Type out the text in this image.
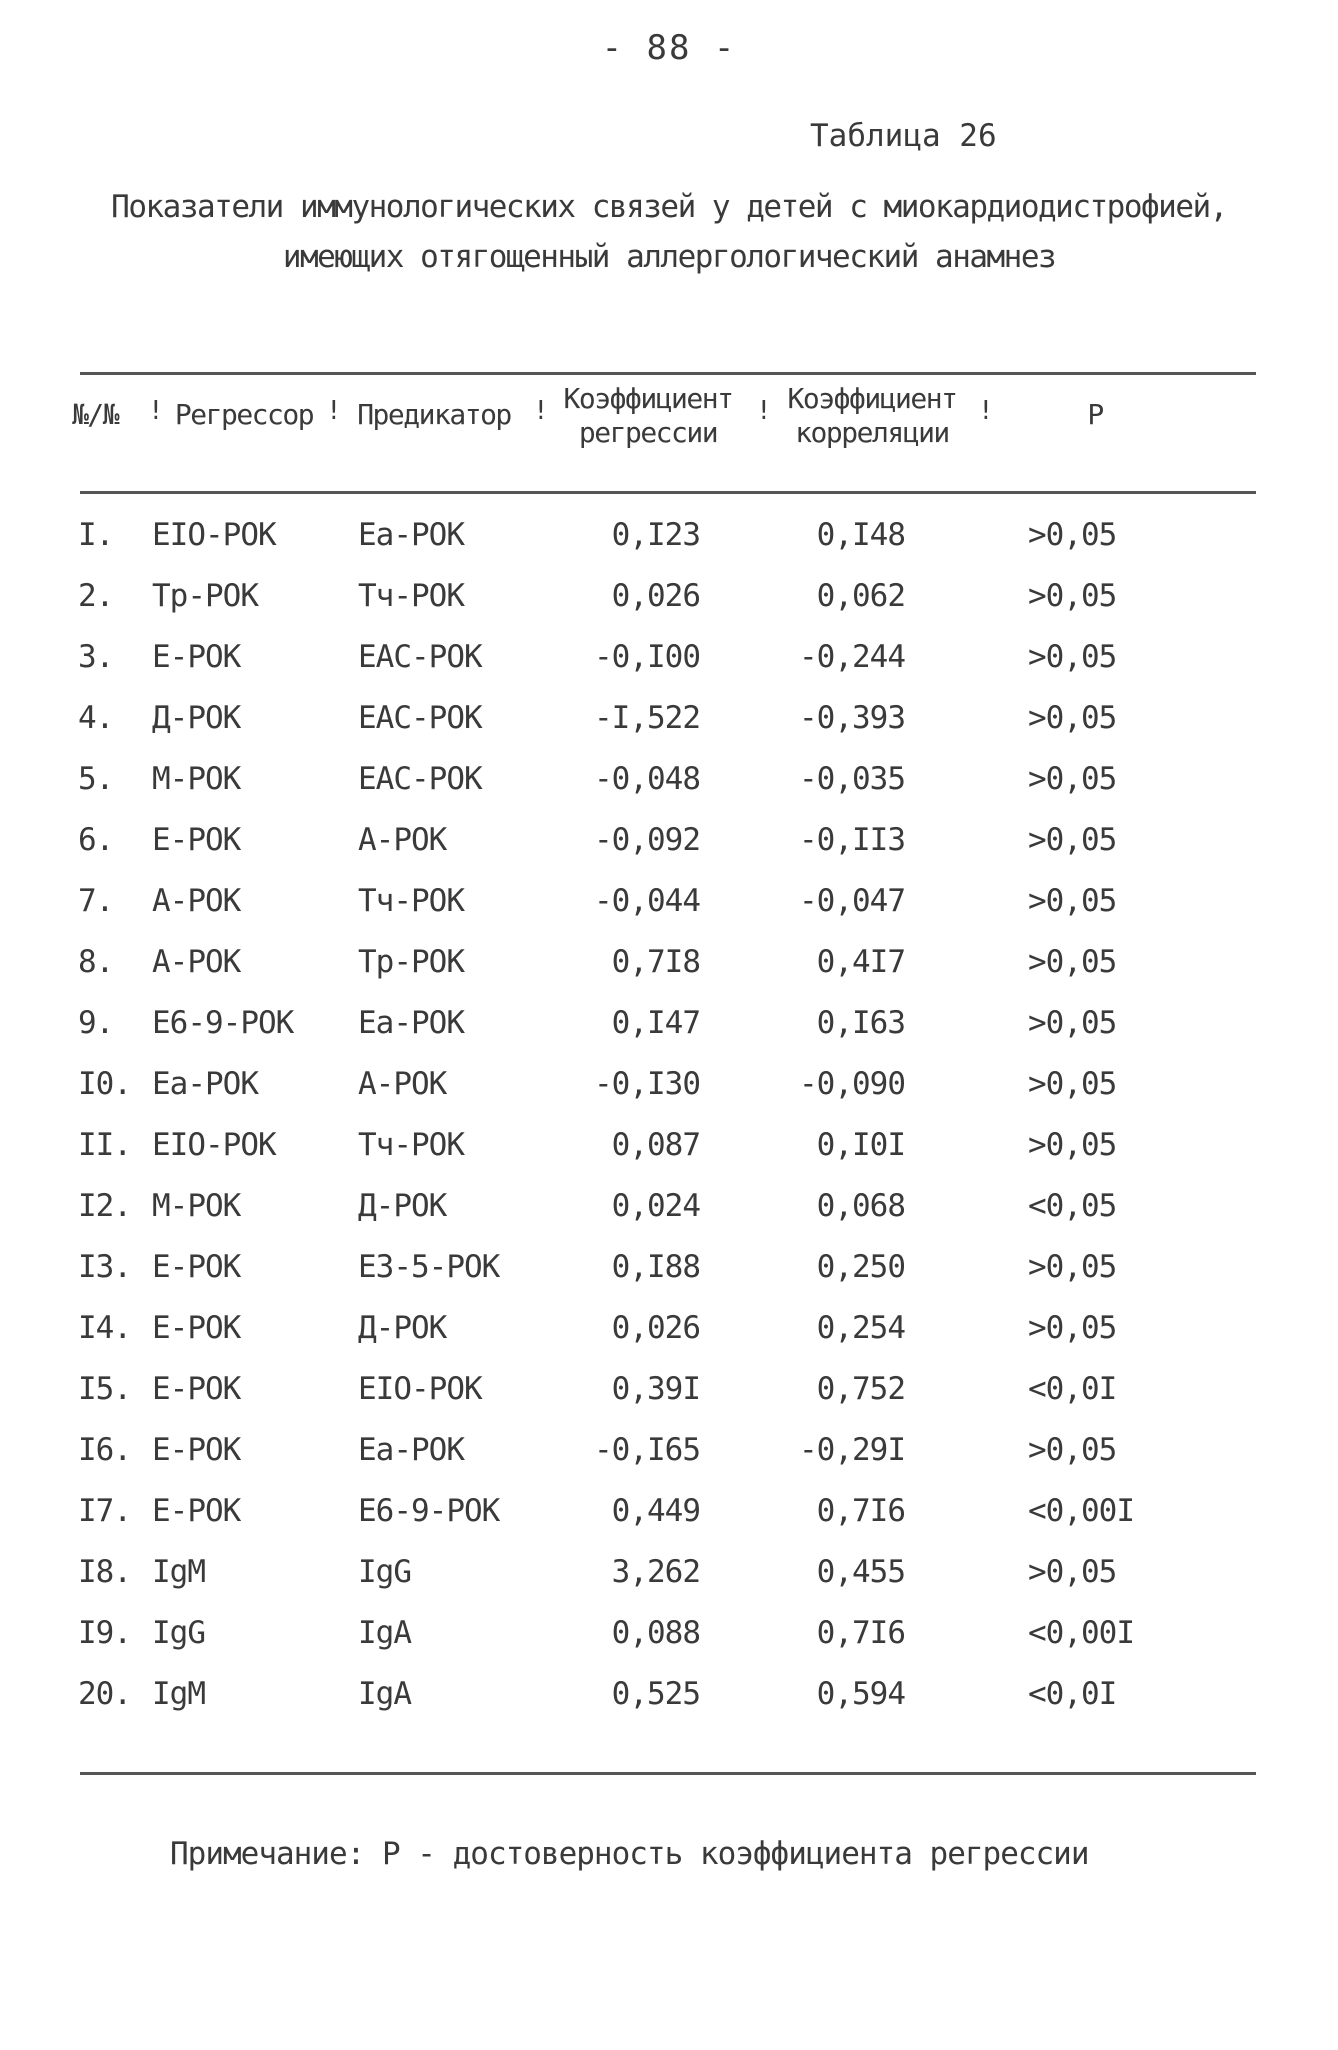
- 88 -
Таблица 26
Показатели иммунологических связей у детей с миокардиодистрофией, имеющих отягощенный аллергологический анамнез
№/№	! Регрессор ! Предикатор ! Коэффициент
регрессии
! Коэффициент
корреляции
!	Р
I. EIO-РОК	Ea-РОК	0,I23	0,I48	>0,05
2. Tp-РОК	Tч-РОК	0,026	0,062	>0,05
3. E-РОК	EAC-РОК	-0,I00	-0,244	>0,05
4. Д-РОК	EAC-РОК	-I,522	-0,393	>0,05
5. M-РОК	EAC-РОК	-0,048	-0,035	>0,05
6. E-РОК	A-РОК	-0,092	-0,II3	>0,05
7. A-РОК	Tч-РОК	-0,044	-0,047	>0,05
8. A-РОК	Tp-РОК	0,7I8	0,4I7	>0,05
9. E6-9-РОК Ea-РОК	0,I47	0,I63	>0,05
I0. Ea-РОК	A-РОК	-0,I30	-0,090	>0,05
II. EIO-РОК	Tч-РОК	0,087	0,I0I	>0,05
I2. M-РОК	Д-РОК	0,024	0,068	<0,05
I3. E-РОК	E3-5-РОК	0,I88	0,250	>0,05
I4. E-РОК	Д-РОК	0,026	0,254	>0,05
I5. E-РОК	EIO-РОК	0,39I	0,752	<0,0I
I6. E-РОК	Ea-РОК	-0,I65	-0,29I	>0,05
I7. E-РОК	E6-9-РОК	0,449	0,7I6	<0,00I
I8. IgM	IgG	3,262	0,455	>0,05
I9. IgG	IgA	0,088	0,7I6	<0,00I
20. IgM	IgA	0,525	0,594	<0,0I
Примечание: Р - достоверность коэффициента регрессии
